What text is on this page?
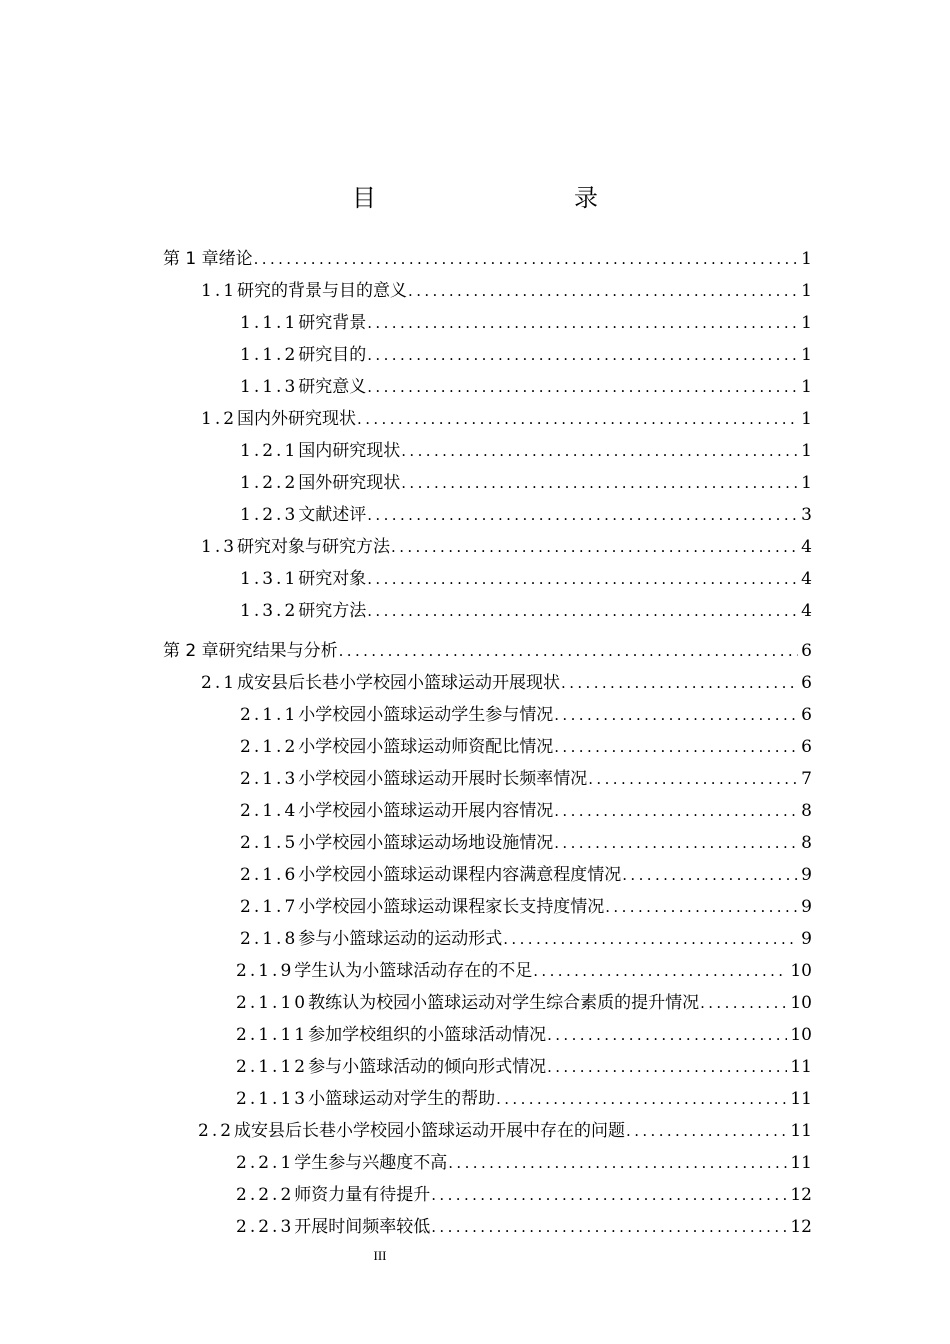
目　　录
第 1 章 绪论 .....	1
1.1 研究的背景与目的意义 .....	1
1.1.1 研究背景 .....	1
1.1.2 研究目的 .....	1
1.1.3 研究意义 .....	1
1.2 国内外研究现状 .....	1
1.2.1 国内研究现状 .....	1
1.2.2 国外研究现状 .....	1
1.2.3 文献述评 .....	3
1.3 研究对象与研究方法 .....	4
1.3.1 研究对象 .....	4
1.3.2 研究方法 .....	4
第 2 章 研究结果与分析 .....	6
2.1 成安县后长巷小学校园小篮球运动开展现状 .....	6
2.1.1 小学校园小篮球运动学生参与情况 .....	6
2.1.2 小学校园小篮球运动师资配比情况 .....	6
2.1.3 小学校园小篮球运动开展时长频率情况 .....	7
2.1.4 小学校园小篮球运动开展内容情况 .....	8
2.1.5 小学校园小篮球运动场地设施情况 .....	8
2.1.6 小学校园小篮球运动课程内容满意程度情况 .....	9
2.1.7 小学校园小篮球运动课程家长支持度情况 .....	9
2.1.8 参与小篮球运动的运动形式 .....	9
2.1.9 学生认为小篮球活动存在的不足 .....	10
2.1.10 教练认为校园小篮球运动对学生综合素质的提升情况 .....	10
2.1.11 参加学校组织的小篮球活动情况 .....	10
2.1.12 参与小篮球活动的倾向形式情况 .....	11
2.1.13 小篮球运动对学生的帮助 .....	11
2.2 成安县后长巷小学校园小篮球运动开展中存在的问题 .....	11
2.2.1 学生参与兴趣度不高 .....	11
2.2.2 师资力量有待提升 .....	12
2.2.3 开展时间频率较低 .....	12
III
